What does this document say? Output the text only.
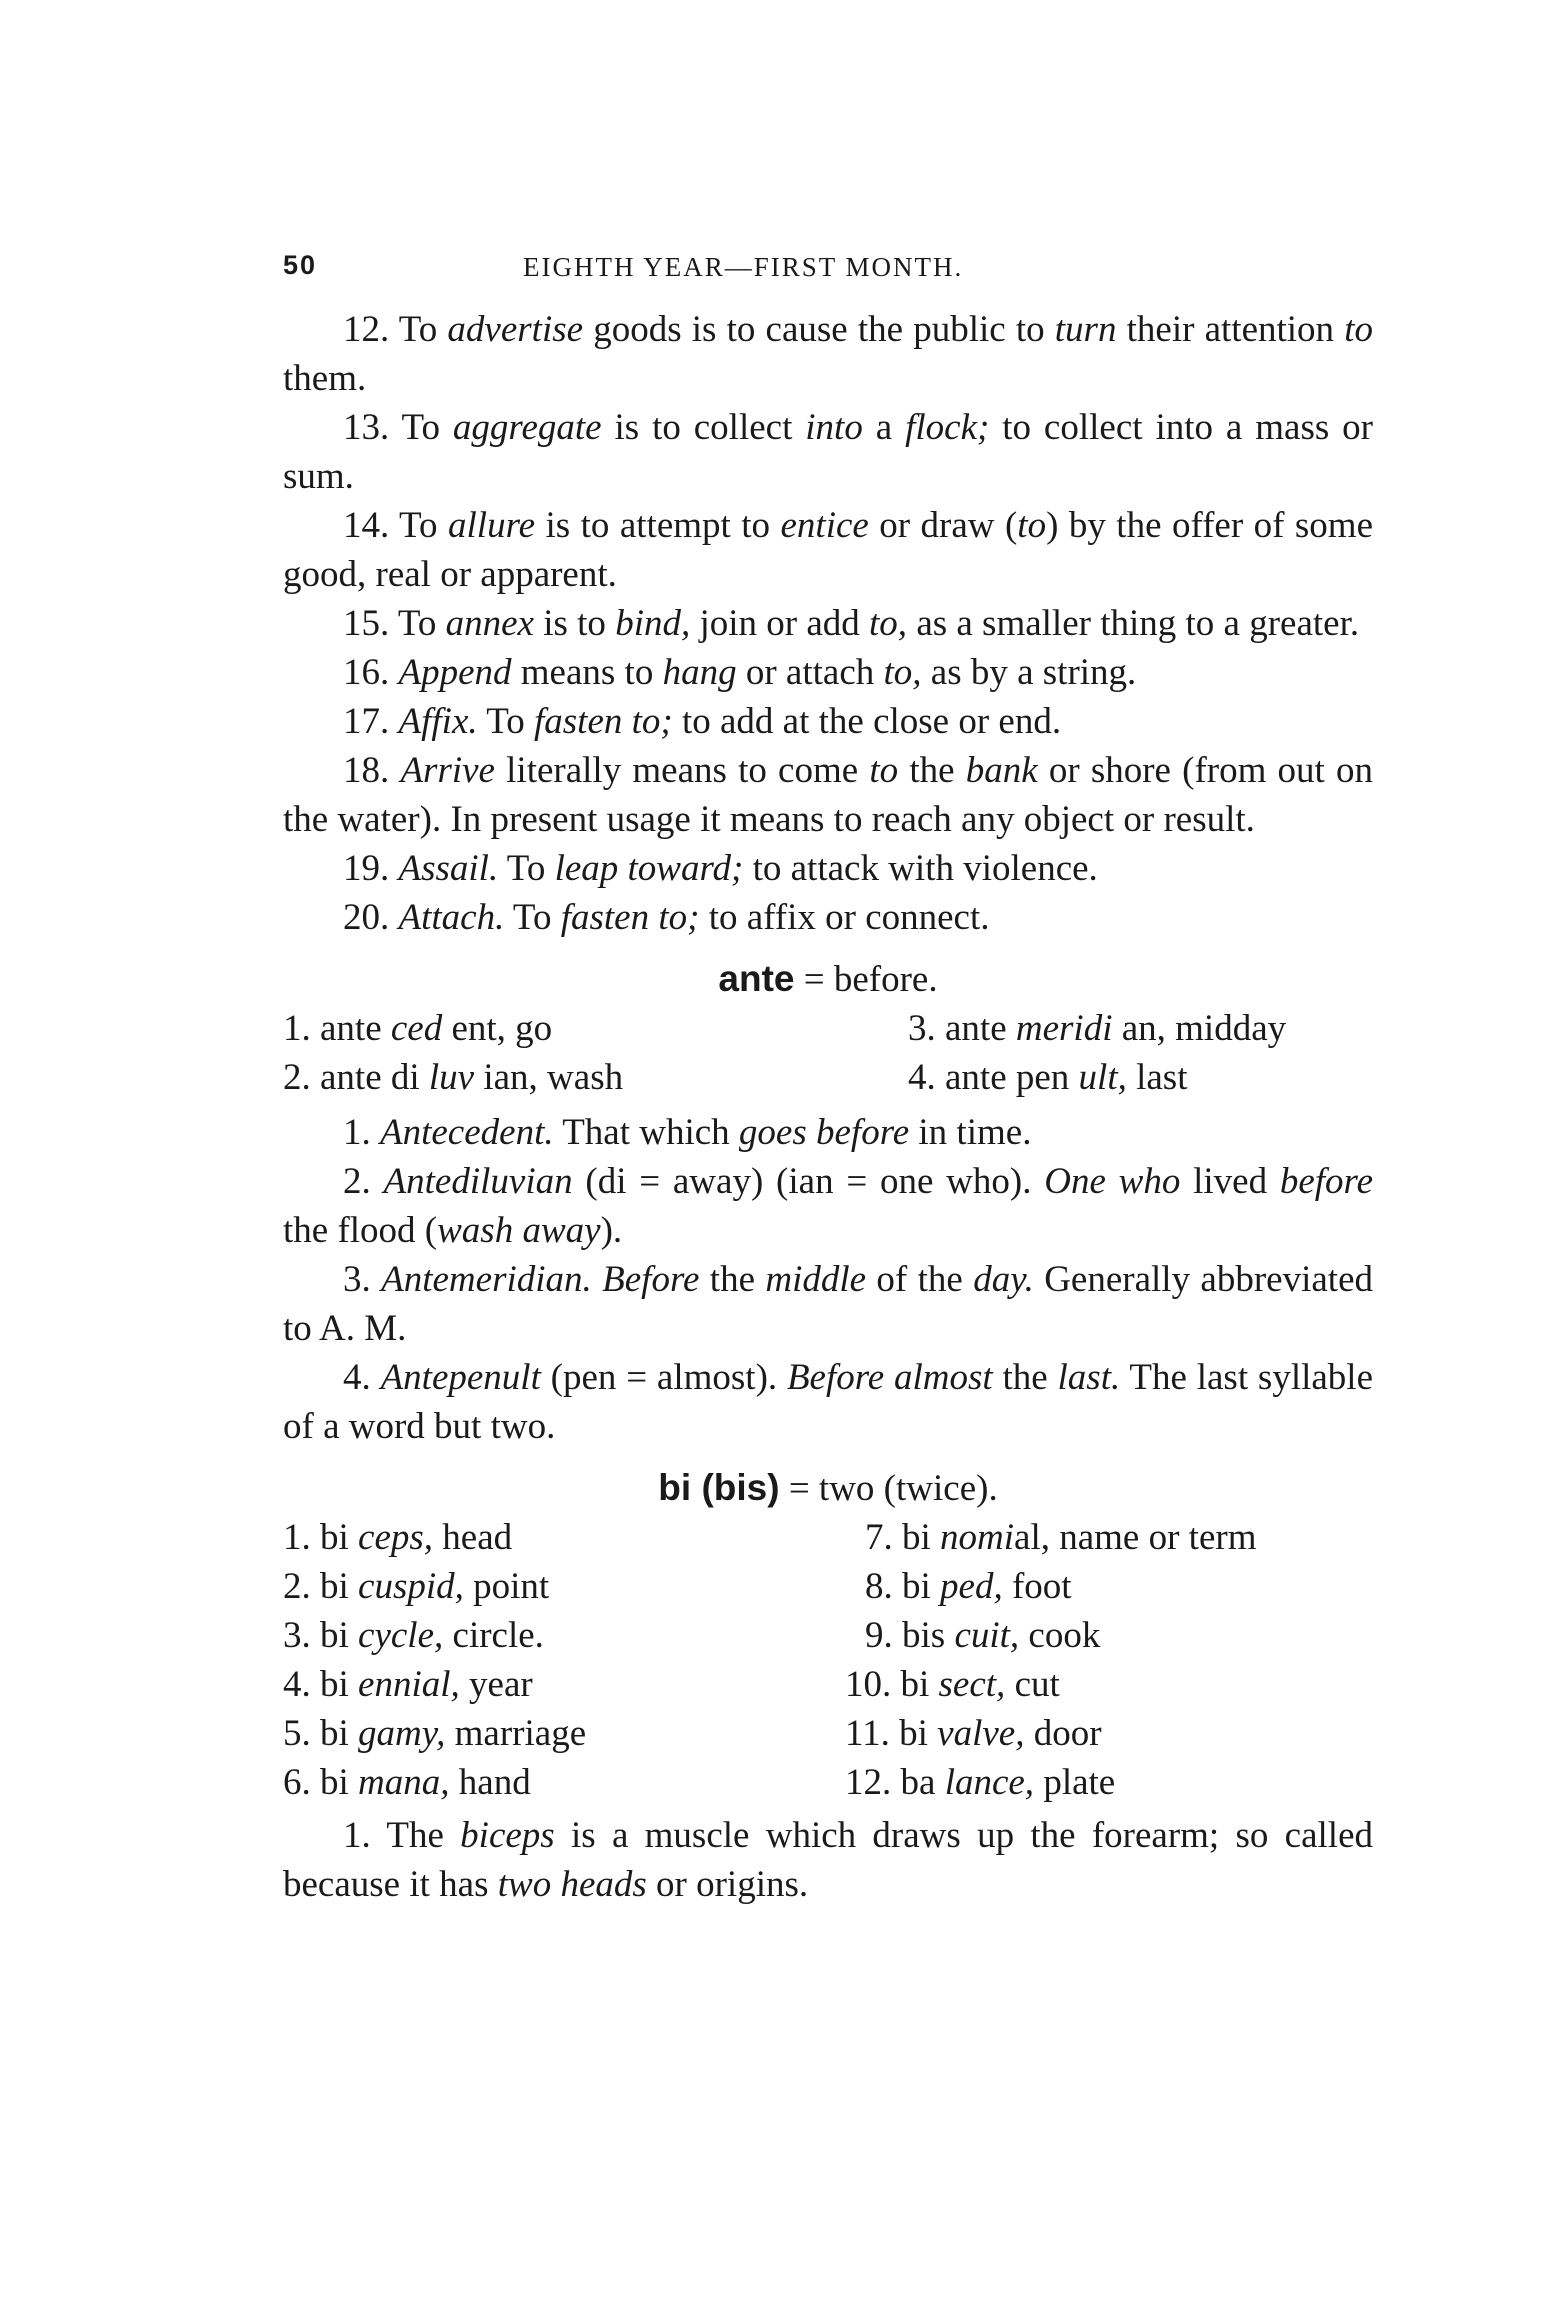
50	EIGHTH YEAR—FIRST MONTH.

12. To advertise goods is to cause the public to turn their attention to them.

13. To aggregate is to collect into a flock; to collect into a mass or sum.

14. To allure is to attempt to entice or draw (to) by the offer of some good, real or apparent.

15. To annex is to bind, join or add to, as a smaller thing to a greater.

16. Append means to hang or attach to, as by a string.

17. Affix. To fasten to; to add at the close or end.

18. Arrive literally means to come to the bank or shore (from out on the water). In present usage it means to reach any object or result.

19. Assail. To leap toward; to attack with violence.

20. Attach. To fasten to; to affix or connect.

ante = before.

1. ante ced ent, go	3. ante meridi an, midday
2. ante di luv ian, wash	4. ante pen ult, last

1. Antecedent. That which goes before in time.

2. Antediluvian (di = away) (ian = one who). One who lived before the flood (wash away).

3. Antemeridian. Before the middle of the day. Generally abbreviated to A. M.

4. Antepenult (pen = almost). Before almost the last. The last syllable of a word but two.

bi (bis) = two (twice).

1. bi ceps, head	7. bi nomial, name or term
2. bi cuspid, point	8. bi ped, foot
3. bi cycle, circle.	9. bis cuit, cook
4. bi ennial, year	10. bi sect, cut
5. bi gamy, marriage	11. bi valve, door
6. bi mana, hand	12. ba lance, plate

1. The biceps is a muscle which draws up the forearm; so called because it has two heads or origins.
